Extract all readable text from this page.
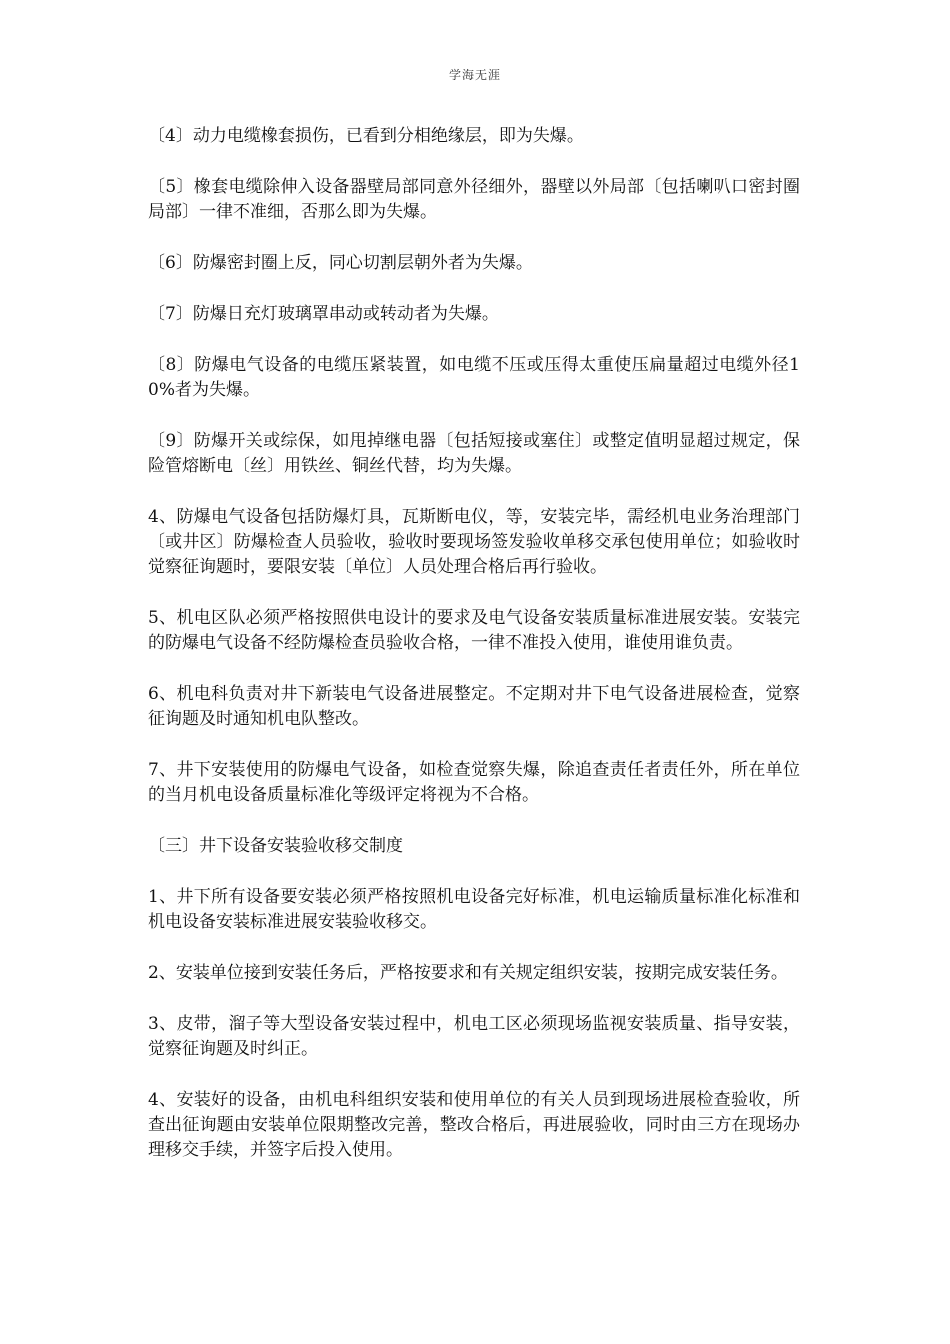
学海无涯

〔4〕动力电缆橡套损伤，已看到分相绝缘层，即为失爆。

〔5〕橡套电缆除伸入设备器壁局部同意外径细外，器壁以外局部〔包括喇叭口密封圈局部〕一律不准细，否那么即为失爆。

〔6〕防爆密封圈上反，同心切割层朝外者为失爆。

〔7〕防爆日充灯玻璃罩串动或转动者为失爆。

〔8〕防爆电气设备的电缆压紧装置，如电缆不压或压得太重使压扁量超过电缆外径10%者为失爆。

〔9〕防爆开关或综保，如甩掉继电器〔包括短接或塞住〕或整定值明显超过规定，保险管熔断电〔丝〕用铁丝、铜丝代替，均为失爆。

4、防爆电气设备包括防爆灯具，瓦斯断电仪，等，安装完毕，需经机电业务治理部门〔或井区〕防爆检查人员验收，验收时要现场签发验收单移交承包使用单位；如验收时觉察征询题时，要限安装〔单位〕人员处理合格后再行验收。

5、机电区队必须严格按照供电设计的要求及电气设备安装质量标准进展安装。安装完的防爆电气设备不经防爆检查员验收合格，一律不准投入使用，谁使用谁负责。

6、机电科负责对井下新装电气设备进展整定。不定期对井下电气设备进展检查，觉察征询题及时通知机电队整改。

7、井下安装使用的防爆电气设备，如检查觉察失爆，除追查责任者责任外，所在单位的当月机电设备质量标准化等级评定将视为不合格。

〔三〕井下设备安装验收移交制度

1、井下所有设备要安装必须严格按照机电设备完好标准，机电运输质量标准化标准和机电设备安装标准进展安装验收移交。

2、安装单位接到安装任务后，严格按要求和有关规定组织安装，按期完成安装任务。

3、皮带，溜子等大型设备安装过程中，机电工区必须现场监视安装质量、指导安装，觉察征询题及时纠正。

4、安装好的设备，由机电科组织安装和使用单位的有关人员到现场进展检查验收，所查出征询题由安装单位限期整改完善，整改合格后，再进展验收，同时由三方在现场办理移交手续，并签字后投入使用。
